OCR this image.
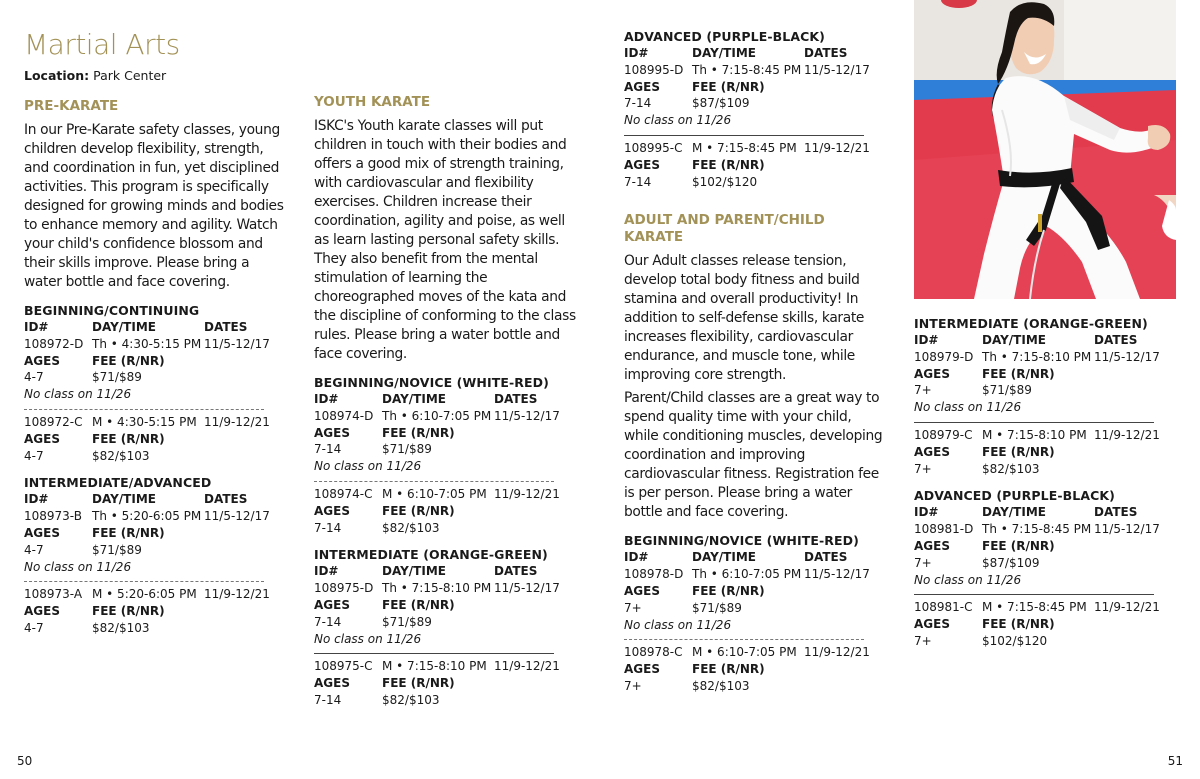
Martial Arts
Location: Park Center
PRE-KARATE
In our Pre-Karate safety classes, young children develop flexibility, strength, and coordination in fun, yet disciplined activities. This program is specifically designed for growing minds and bodies to enhance memory and agility. Watch your child's confidence blossom and their skills improve. Please bring a water bottle and face covering.
BEGINNING/CONTINUING
ID#	DAY/TIME	DATES
108972-D Th • 4:30-5:15 PM 11/5-12/17
AGES	FEE (R/NR)
4-7	$71/$89
No class on 11/26
108972-C M • 4:30-5:15 PM 11/9-12/21
AGES	FEE (R/NR)
4-7	$82/$103
INTERMEDIATE/ADVANCED
ID#	DAY/TIME	DATES
108973-B Th • 5:20-6:05 PM 11/5-12/17
AGES	FEE (R/NR)
4-7	$71/$89
No class on 11/26
108973-A M • 5:20-6:05 PM 11/9-12/21
AGES	FEE (R/NR)
4-7	$82/$103
YOUTH KARATE
ISKC's Youth karate classes will put children in touch with their bodies and offers a good mix of strength training, with cardiovascular and flexibility exercises. Children increase their coordination, agility and poise, as well as learn lasting personal safety skills. They also benefit from the mental stimulation of learning the choreographed moves of the kata and the discipline of conforming to the class rules. Please bring a water bottle and face covering.
BEGINNING/NOVICE (WHITE-RED)
ID#	DAY/TIME	DATES
108974-D Th • 6:10-7:05 PM 11/5-12/17
AGES	FEE (R/NR)
7-14	$71/$89
No class on 11/26
108974-C M • 6:10-7:05 PM 11/9-12/21
AGES	FEE (R/NR)
7-14	$82/$103
INTERMEDIATE (ORANGE-GREEN)
ID#	DAY/TIME	DATES
108975-D Th • 7:15-8:10 PM 11/5-12/17
AGES	FEE (R/NR)
7-14	$71/$89
No class on 11/26
108975-C M • 7:15-8:10 PM 11/9-12/21
AGES	FEE (R/NR)
7-14	$82/$103
ADVANCED (PURPLE-BLACK)
ID#	DAY/TIME	DATES
108995-D Th • 7:15-8:45 PM 11/5-12/17
AGES	FEE (R/NR)
7-14	$87/$109
No class on 11/26
108995-C M • 7:15-8:45 PM 11/9-12/21
AGES	FEE (R/NR)
7-14	$102/$120
ADULT AND PARENT/CHILD KARATE
Our Adult classes release tension, develop total body fitness and build stamina and overall productivity! In addition to self-defense skills, karate increases flexibility, cardiovascular endurance, and muscle tone, while improving core strength.
Parent/Child classes are a great way to spend quality time with your child, while conditioning muscles, developing coordination and improving cardiovascular fitness. Registration fee is per person. Please bring a water bottle and face covering.
BEGINNING/NOVICE (WHITE-RED)
ID#	DAY/TIME	DATES
108978-D Th • 6:10-7:05 PM 11/5-12/17
AGES	FEE (R/NR)
7+	$71/$89
No class on 11/26
108978-C M • 6:10-7:05 PM 11/9-12/21
AGES	FEE (R/NR)
7+	$82/$103
INTERMEDIATE (ORANGE-GREEN)
ID#	DAY/TIME	DATES
108979-D Th • 7:15-8:10 PM 11/5-12/17
AGES	FEE (R/NR)
7+	$71/$89
No class on 11/26
108979-C M • 7:15-8:10 PM 11/9-12/21
AGES	FEE (R/NR)
7+	$82/$103
ADVANCED (PURPLE-BLACK)
ID#	DAY/TIME	DATES
108981-D Th • 7:15-8:45 PM 11/5-12/17
AGES	FEE (R/NR)
7+	$87/$109
No class on 11/26
108981-C M • 7:15-8:45 PM 11/9-12/21
AGES	FEE (R/NR)
7+	$102/$120
50	51
